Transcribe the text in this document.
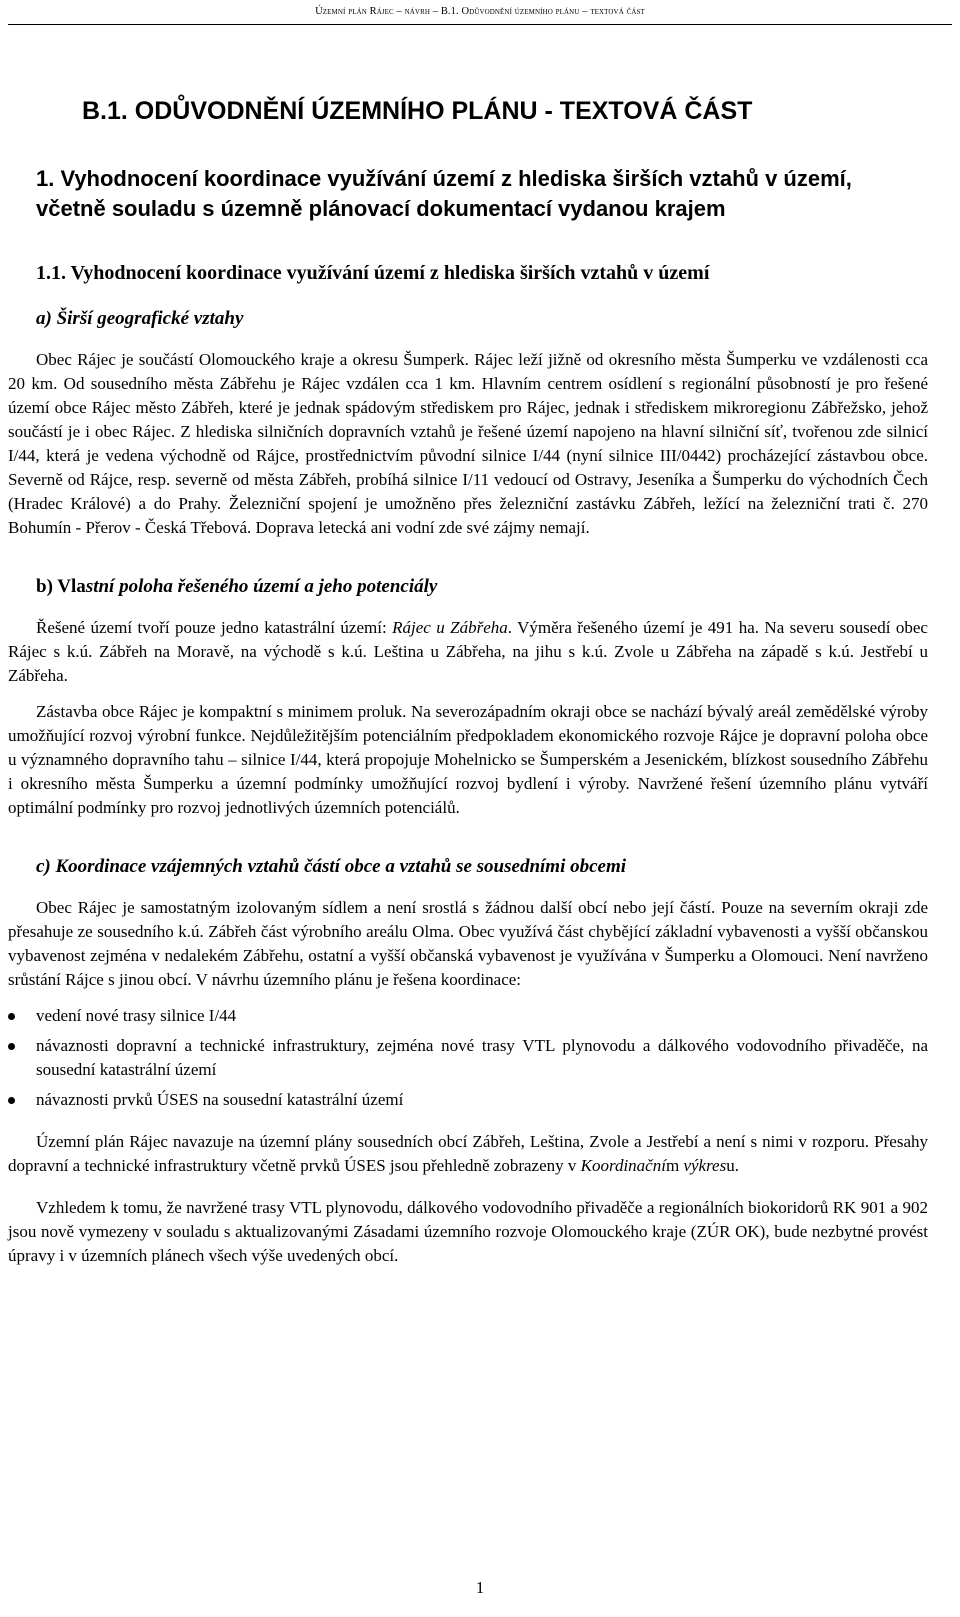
Územní plán Rájec – návrh – B.1. Odůvodnění územního plánu – textová část
B.1. ODŮVODNĚNÍ ÚZEMNÍHO PLÁNU - TEXTOVÁ ČÁST
1. Vyhodnocení koordinace využívání území z hlediska širších vztahů v území, včetně souladu s územně plánovací dokumentací vydanou krajem
1.1. Vyhodnocení koordinace využívání území z hlediska širších vztahů v území
a) Širší geografické vztahy

Obec Rájec je součástí Olomouckého kraje a okresu Šumperk. Rájec leží jižně od okresního města Šumperku ve vzdálenosti cca 20 km. Od sousedního města Zábřehu je Rájec vzdálen cca 1 km. Hlavním centrem osídlení s regionální působností je pro řešené území obce Rájec město Zábřeh, které je jednak spádovým střediskem pro Rájec, jednak i střediskem mikroregionu Zábřežsko, jehož součástí je i obec Rájec. Z hlediska silničních dopravních vztahů je řešené území napojeno na hlavní silniční síť, tvořenou zde silnicí I/44, která je vedena východně od Rájce, prostřednictvím původní silnice I/44 (nyní silnice III/0442) procházející zástavbou obce. Severně od Rájce, resp. severně od města Zábřeh, probíhá silnice I/11 vedoucí od Ostravy, Jeseníka a Šumperku do východních Čech (Hradec Králové) a do Prahy. Železniční spojení je umožněno přes železniční zastávku Zábřeh, ležící na železniční trati č. 270 Bohumín - Přerov - Česká Třebová. Doprava letecká ani vodní zde své zájmy nemají.

b) Vlastní poloha řešeného území a jeho potenciály

Řešené území tvoří pouze jedno katastrální území: Rájec u Zábřeha. Výměra řešeného území je 491 ha. Na severu sousedí obec Rájec s k.ú. Zábřeh na Moravě, na východě s k.ú. Leština u Zábřeha, na jihu s k.ú. Zvole u Zábřeha na západě s k.ú. Jestřebí u Zábřeha.

Zástavba obce Rájec je kompaktní s minimem proluk. Na severozápadním okraji obce se nachází bývalý areál zemědělské výroby umožňující rozvoj výrobní funkce. Nejdůležitějším potenciálním předpokladem ekonomického rozvoje Rájce je dopravní poloha obce u významného dopravního tahu – silnice I/44, která propojuje Mohelnicko se Šumperském a Jesenickém, blízkost sousedního Zábřehu i okresního města Šumperku a územní podmínky umožňující rozvoj bydlení i výroby. Navržené řešení územního plánu vytváří optimální podmínky pro rozvoj jednotlivých územních potenciálů.

c) Koordinace vzájemných vztahů částí obce a vztahů se sousedními obcemi

Obec Rájec je samostatným izolovaným sídlem a není srostlá s žádnou další obcí nebo její částí. Pouze na severním okraji zde přesahuje ze sousedního k.ú. Zábřeh část výrobního areálu Olma. Obec využívá část chybějící základní vybavenosti a vyšší občanskou vybavenost zejména v nedalekém Zábřehu, ostatní a vyšší občanská vybavenost je využívána v Šumperku a Olomouci. Není navrženo srůstání Rájce s jinou obcí. V návrhu územního plánu je řešena koordinace:

vedení nové trasy silnice I/44
návaznosti dopravní a technické infrastruktury, zejména nové trasy VTL plynovodu a dálkového vodovodního přivaděče, na sousední katastrální území
návaznosti prvků ÚSES na sousední katastrální území

Územní plán Rájec navazuje na územní plány sousedních obcí Zábřeh, Leština, Zvole a Jestřebí a není s nimi v rozporu. Přesahy dopravní a technické infrastruktury včetně prvků ÚSES jsou přehledně zobrazeny v Koordinačním výkresu.

Vzhledem k tomu, že navržené trasy VTL plynovodu, dálkového vodovodního přivaděče a regionálních biokoridorů RK 901 a 902 jsou nově vymezeny v souladu s aktualizovanými Zásadami územního rozvoje Olomouckého kraje (ZÚR OK), bude nezbytné provést úpravy i v územních plánech všech výše uvedených obcí.

1
